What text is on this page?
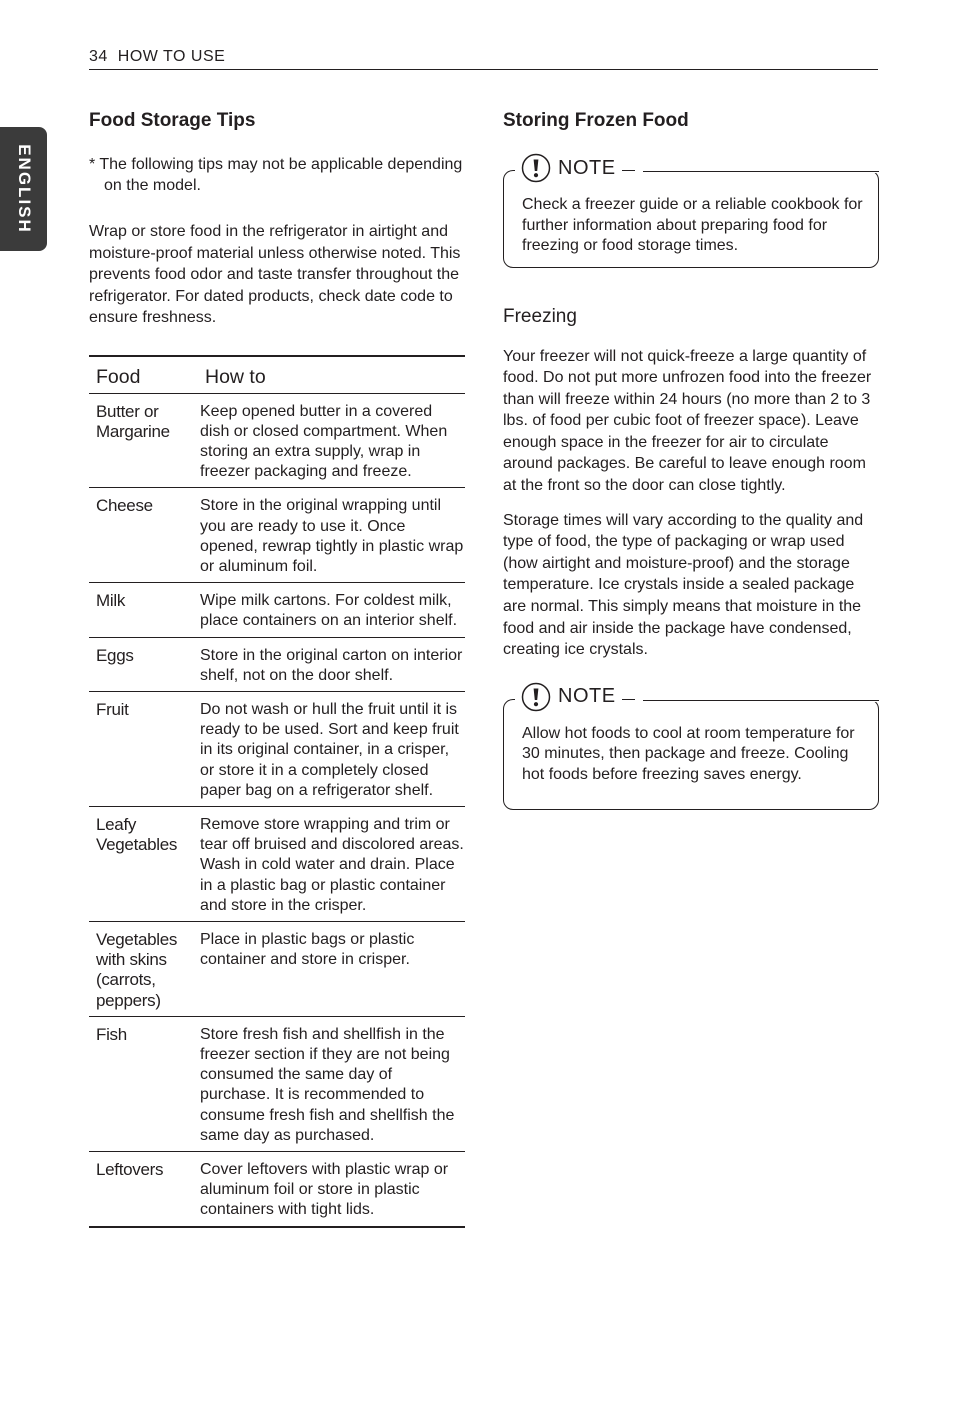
34 HOW TO USE
ENGLISH
Food Storage Tips

* The following tips may not be applicable depending on the model.

Wrap or store food in the refrigerator in airtight and moisture-proof material unless otherwise noted. This prevents food odor and taste transfer throughout the refrigerator. For dated products, check date code to ensure freshness.

Food	How to
Butter or Margarine	Keep opened butter in a covered dish or closed compartment. When storing an extra supply, wrap in freezer packaging and freeze.
Cheese	Store in the original wrapping until you are ready to use it. Once opened, rewrap tightly in plastic wrap or aluminum foil.
Milk	Wipe milk cartons. For coldest milk, place containers on an interior shelf.
Eggs	Store in the original carton on interior shelf, not on the door shelf.
Fruit	Do not wash or hull the fruit until it is ready to be used. Sort and keep fruit in its original container, in a crisper, or store it in a completely closed paper bag on a refrigerator shelf.
Leafy Vegetables	Remove store wrapping and trim or tear off bruised and discolored areas. Wash in cold water and drain. Place in a plastic bag or plastic container and store in the crisper.
Vegetables with skins (carrots, peppers)	Place in plastic bags or plastic container and store in crisper.
Fish	Store fresh fish and shellfish in the freezer section if they are not being consumed the same day of purchase. It is recommended to consume fresh fish and shellfish the same day as purchased.
Leftovers	Cover leftovers with plastic wrap or aluminum foil or store in plastic containers with tight lids.
Storing Frozen Food
Check a freezer guide or a reliable cookbook for further information about preparing food for freezing or food storage times.
NOTE
Freezing

Your freezer will not quick-freeze a large quantity of food. Do not put more unfrozen food into the freezer than will freeze within 24 hours (no more than 2 to 3 lbs. of food per cubic foot of freezer space). Leave enough space in the freezer for air to circulate around packages. Be careful to leave enough room at the front so the door can close tightly.

Storage times will vary according to the quality and type of food, the type of packaging or wrap used (how airtight and moisture-proof) and the storage temperature. Ice crystals inside a sealed package are normal. This simply means that moisture in the food and air inside the package have condensed, creating ice crystals.

Allow hot foods to cool at room temperature for 30 minutes, then package and freeze. Cooling hot foods before freezing saves energy.
NOTE
